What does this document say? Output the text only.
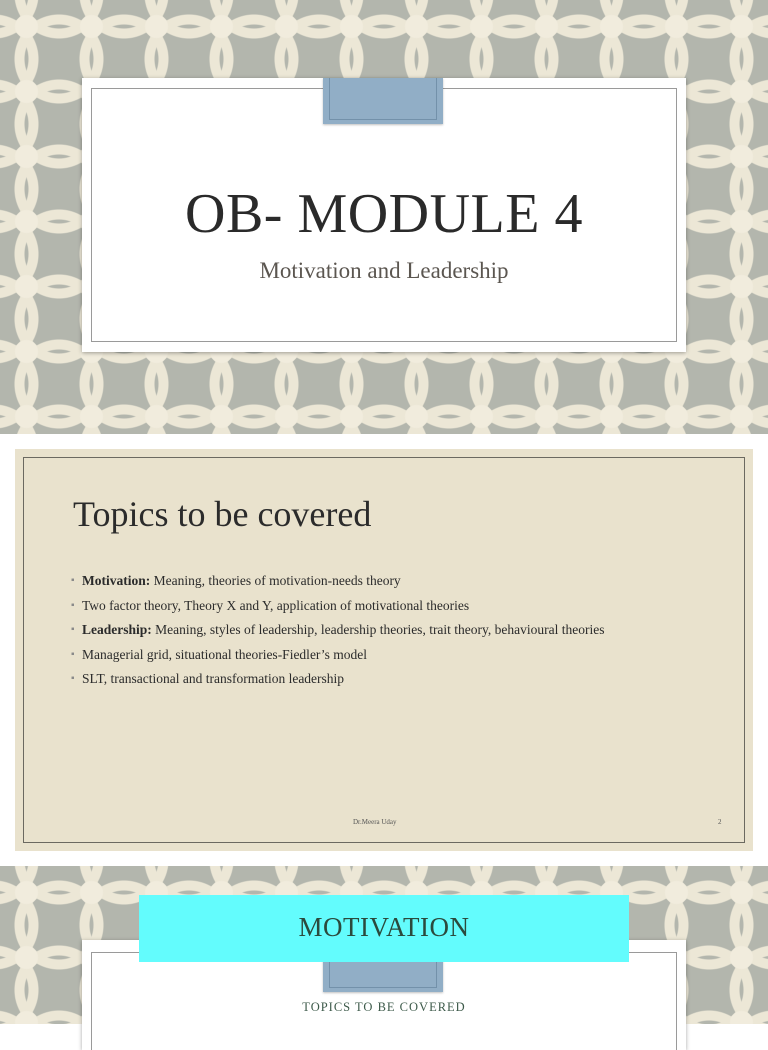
OB- MODULE 4
Motivation and Leadership
Topics to be covered
▪ Motivation: Meaning, theories of motivation-needs theory
▪ Two factor theory, Theory X and Y, application of motivational theories
▪ Leadership: Meaning, styles of leadership, leadership theories, trait theory, behavioural theories
▪ Managerial grid, situational theories-Fiedler’s model
▪ SLT, transactional and transformation leadership
Dr.Meera Uday	2
MOTIVATION
TOPICS TO BE COVERED
